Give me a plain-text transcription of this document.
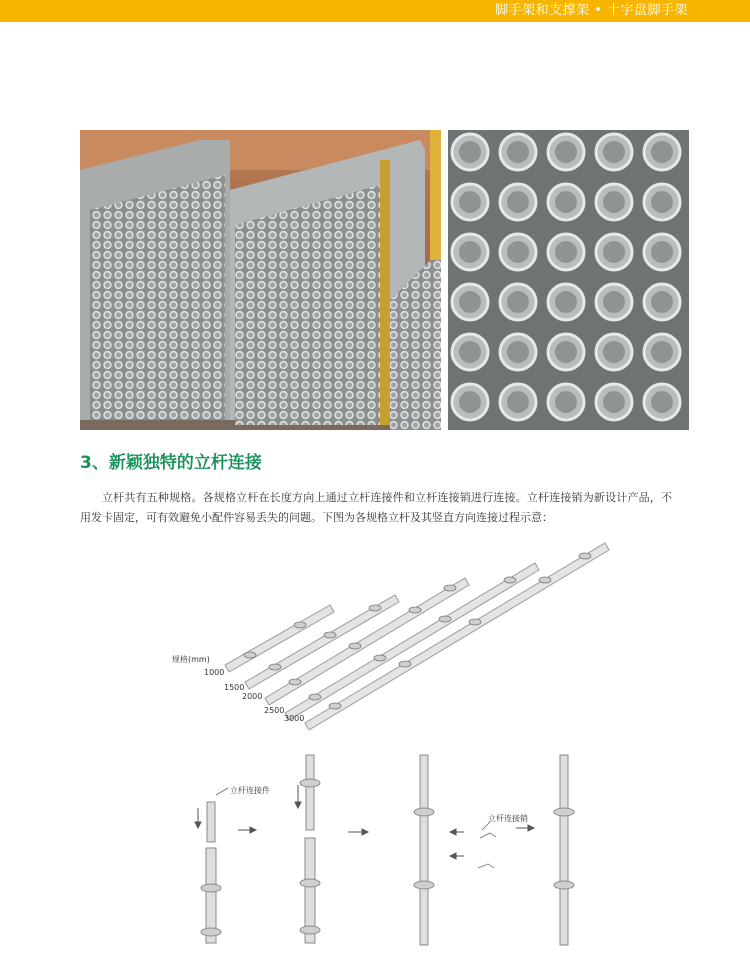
脚手架和支撑架 • 十字盘脚手架
3、新颖独特的立杆连接
立杆共有五种规格。各规格立杆在长度方向上通过立杆连接件和立杆连接销进行连接。立杆连接销为新设计产品，不用发卡固定，可有效避免小配件容易丢失的问题。下图为各规格立杆及其竖直方向连接过程示意：
规格(mm)
1000
1500
2000
2500
3000
立杆连接件
立杆连接销
